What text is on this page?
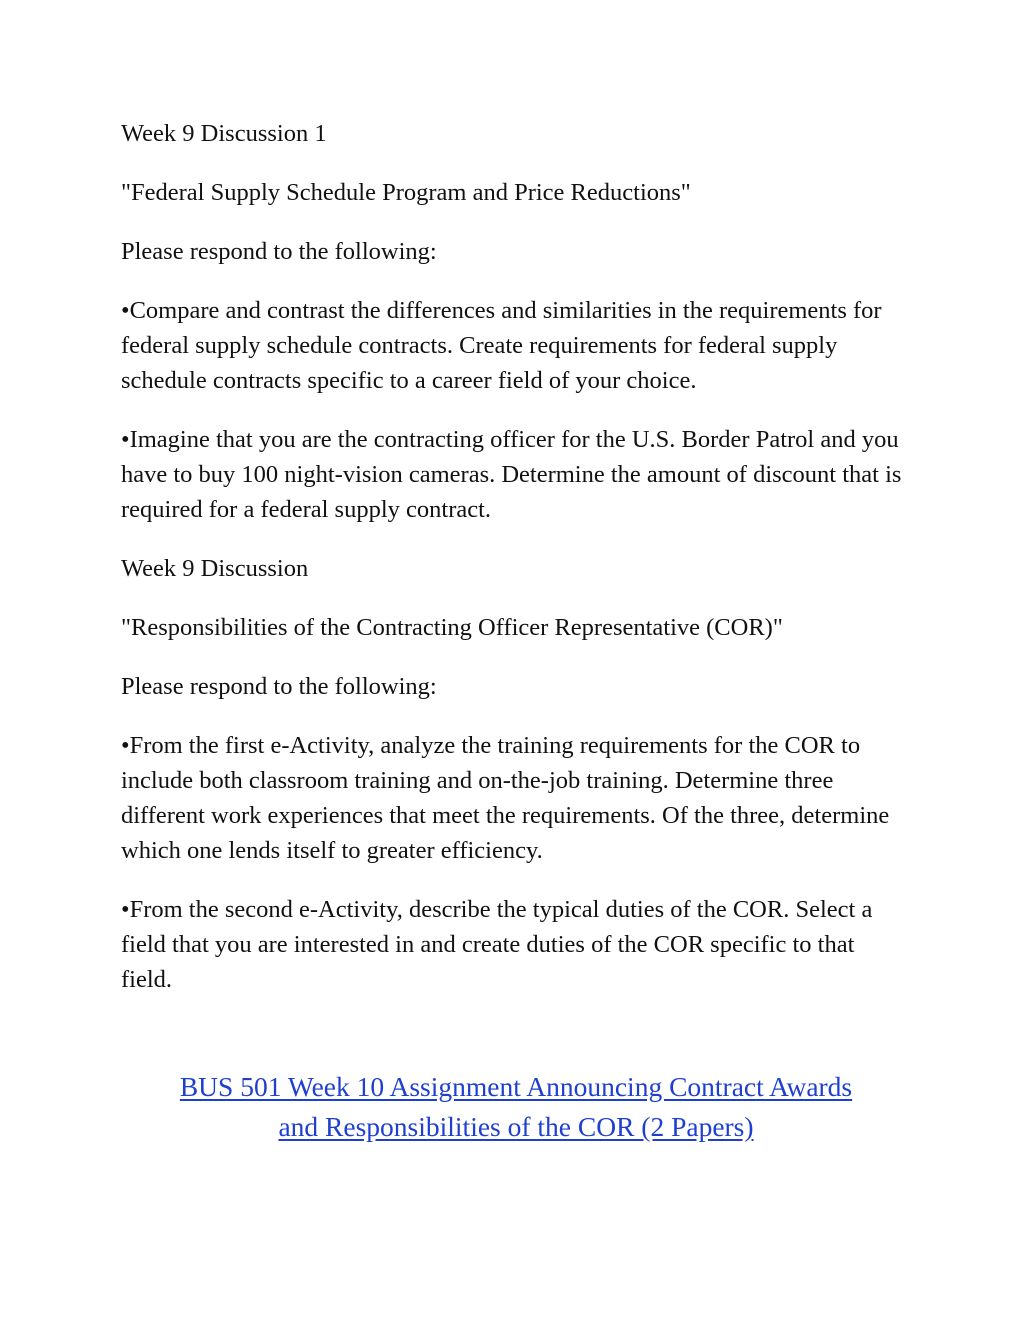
Week 9 Discussion 1

"Federal Supply Schedule Program and Price Reductions"

Please respond to the following:

•Compare and contrast the differences and similarities in the requirements for federal supply schedule contracts. Create requirements for federal supply schedule contracts specific to a career field of your choice.

•Imagine that you are the contracting officer for the U.S. Border Patrol and you have to buy 100 night-vision cameras. Determine the amount of discount that is required for a federal supply contract.

Week 9 Discussion

"Responsibilities of the Contracting Officer Representative (COR)"

Please respond to the following:

•From the first e-Activity, analyze the training requirements for the COR to include both classroom training and on-the-job training. Determine three different work experiences that meet the requirements. Of the three, determine which one lends itself to greater efficiency.

•From the second e-Activity, describe the typical duties of the COR. Select a field that you are interested in and create duties of the COR specific to that field.

BUS 501 Week 10 Assignment Announcing Contract Awards
and Responsibilities of the COR (2 Papers)
